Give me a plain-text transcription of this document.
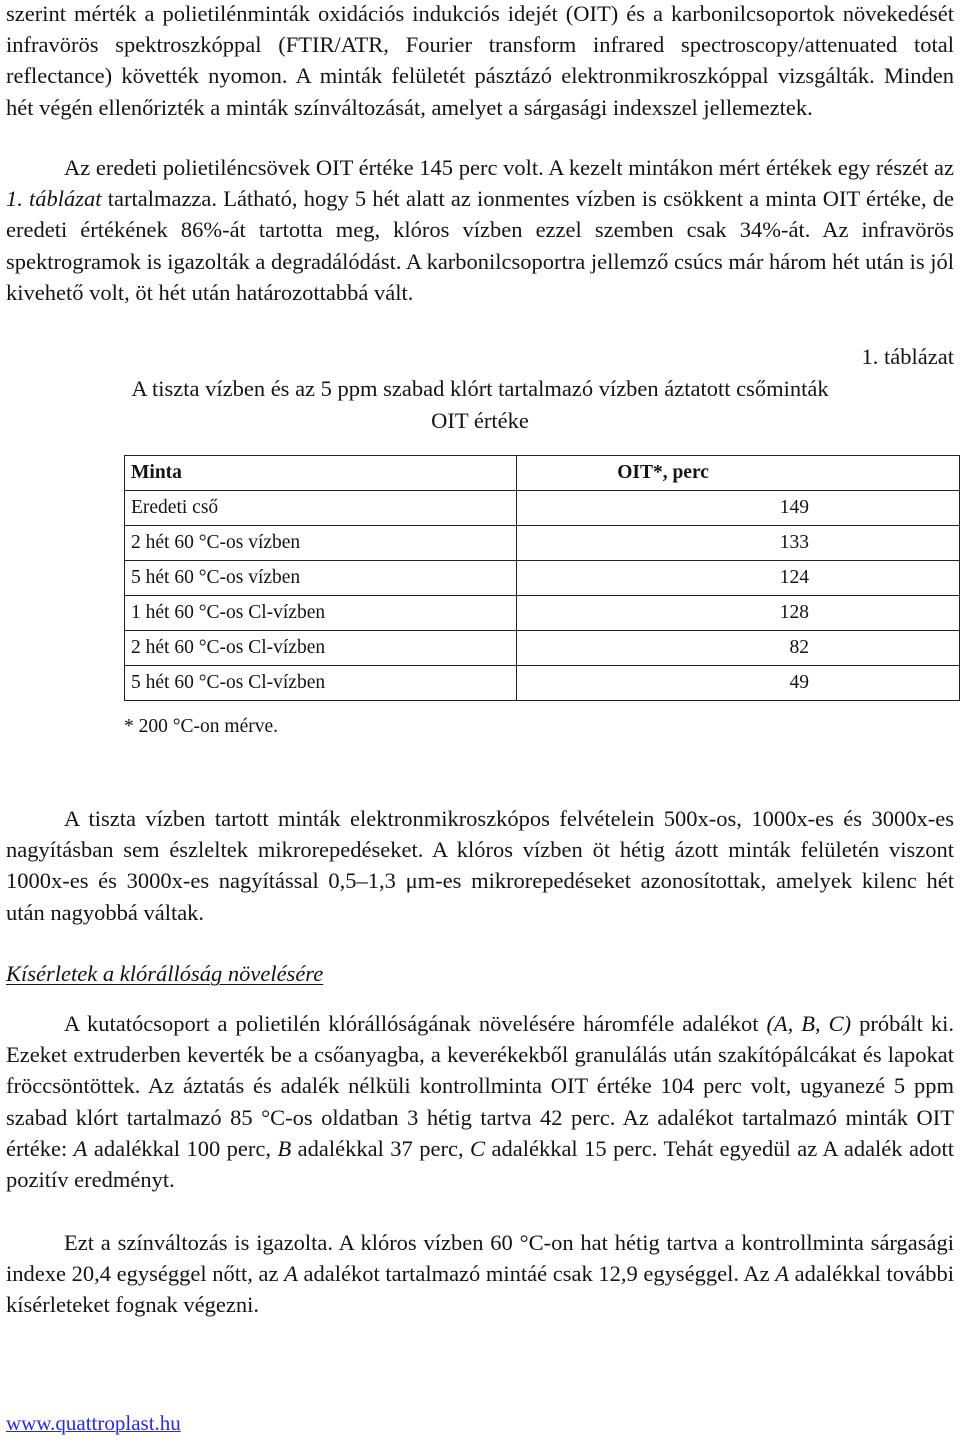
szerint mérték a polietilénminták oxidációs indukciós idejét (OIT) és a karbonilcsoportok növekedését infravörös spektroszkóppal (FTIR/ATR, Fourier transform infrared spectroscopy/attenuated total reflectance) követték nyomon. A minták felületét pásztázó elektronmikroszkóppal vizsgálták. Minden hét végén ellenőrizték a minták színváltozását, amelyet a sárgasági indexszel jellemeztek.

Az eredeti polietiléncsövek OIT értéke 145 perc volt. A kezelt mintákon mért értékek egy részét az 1. táblázat tartalmazza. Látható, hogy 5 hét alatt az ionmentes vízben is csökkent a minta OIT értéke, de eredeti értékének 86%-át tartotta meg, klóros vízben ezzel szemben csak 34%-át. Az infravörös spektrogramok is igazolták a degradálódást. A karbonilcsoportra jellemző csúcs már három hét után is jól kivehető volt, öt hét után határozottabbá vált.

1. táblázat

A tiszta vízben és az 5 ppm szabad klórt tartalmazó vízben áztatott csőminták

OIT értéke

Minta	OIT*, perc
Eredeti cső	149
2 hét 60 °C-os vízben	133
5 hét 60 °C-os vízben	124
1 hét 60 °C-os Cl-vízben	128
2 hét 60 °C-os Cl-vízben	82
5 hét 60 °C-os Cl-vízben	49
* 200 °C-on mérve.

A tiszta vízben tartott minták elektronmikroszkópos felvételein 500x-os, 1000x-es és 3000x-es nagyításban sem észleltek mikrorepedéseket. A klóros vízben öt hétig ázott minták felületén viszont 1000x-es és 3000x-es nagyítással 0,5–1,3 μm-es mikrorepedéseket azonosítottak, amelyek kilenc hét után nagyobbá váltak.

Kísérletek a klórállóság növelésére

A kutatócsoport a polietilén klórállóságának növelésére háromféle adalékot (A, B, C) próbált ki. Ezeket extruderben keverték be a csőanyagba, a keverékekből granulálás után szakítópálcákat és lapokat fröccsöntöttek. Az áztatás és adalék nélküli kontrollminta OIT értéke 104 perc volt, ugyanezé 5 ppm szabad klórt tartalmazó 85 °C-os oldatban 3 hétig tartva 42 perc. Az adalékot tartalmazó minták OIT értéke: A adalékkal 100 perc, B adalékkal 37 perc, C adalékkal 15 perc. Tehát egyedül az A adalék adott pozitív eredményt.

Ezt a színváltozás is igazolta. A klóros vízben 60 °C-on hat hétig tartva a kontrollminta sárgasági indexe 20,4 egységgel nőtt, az A adalékot tartalmazó mintáé csak 12,9 egységgel. Az A adalékkal további kísérleteket fognak végezni.

www.quattroplast.hu
